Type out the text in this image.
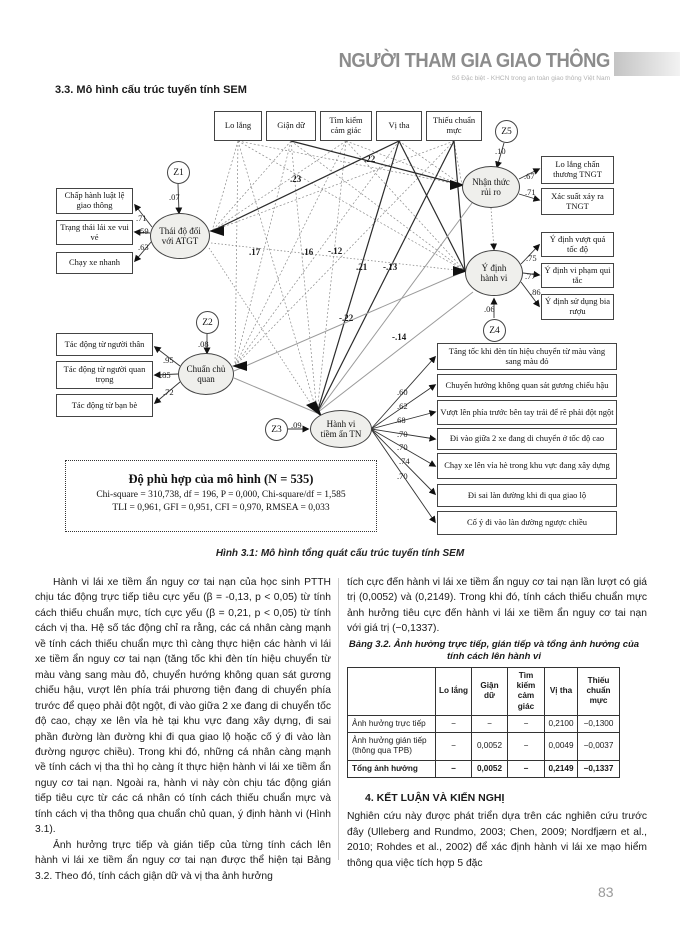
NGƯỜI THAM GIA GIAO THÔNG
Số Đặc biệt - KHCN trong an toàn giao thông Việt Nam
3.3. Mô hình cấu trúc tuyến tính SEM
Lo lắng	Giận dữ	Tìm kiếm cảm giác	Vị tha	Thiếu chuẩn mực
Z1
Z2
Z3
Z4
Z5
Thái độ đối với ATGT
Chuẩn chủ quan
Nhận thức rủi ro
Ý định hành vi
Hành vi tiềm ẩn TN
Chấp hành luật lệ giao thông
Trạng thái lái xe vui vẻ
Chạy xe nhanh
Tác động từ người thân
Tác động từ người quan trọng
Tác động từ bạn bè
Lo lắng chấn thương TNGT
Xác suất xảy ra TNGT
Ý định vượt quá tốc độ
Ý định vi phạm qui tắc
Ý định sử dụng bia rượu
Tăng tốc khi đèn tín hiệu chuyển từ màu vàng sang màu đỏ
Chuyển hướng không quan sát gương chiếu hậu
Vượt lên phía trước bên tay trái để rẽ phải đột ngột
Đi vào giữa 2 xe đang di chuyển ở tốc độ cao
Chạy xe lên vỉa hè trong khu vực đang xây dựng
Đi sai làn đường khi đi qua giao lộ
Cố ý đi vào làn đường ngược chiều
Độ phù hợp của mô hình (N = 535)
Chi-square = 310,738, df = 196, P = 0,000, Chi-square/df = 1,585
TLI = 0,961, GFI = 0,951, CFI = 0,970, RMSEA = 0,033
.71
.59
.63
.95
.85
.72
.67
.71
.75
.77
.86
.60
.62
.68
.70
.70
.74
.70
.07
.08
.09
.06
.10
.23
.22
.17	.16 -.12
.21 -.13
-.22
-.14
Hình 3.1: Mô hình tổng quát cấu trúc tuyến tính SEM

Hành vi lái xe tiềm ẩn nguy cơ tai nạn của học sinh PTTH chịu tác động trực tiếp tiêu cực yếu (β = -0,13, p < 0,05) từ tính cách thiếu chuẩn mực, tích cực yếu (β = 0,21, p < 0,05) từ tính cách vị tha. Hệ số tác động chỉ ra rằng, các cá nhân càng mạnh về tính cách thiếu chuẩn mực thì càng thực hiện các hành vi lái xe tiềm ẩn nguy cơ tai nạn (tăng tốc khi đèn tín hiệu chuyển từ màu vàng sang màu đỏ, chuyển hướng không quan sát gương chiếu hậu, vượt lên phía trái phương tiện đang di chuyển phía trước để quẹo phải đột ngột, đi vào giữa 2 xe đang di chuyển tốc độ cao, chạy xe lên vỉa hè tại khu vực đang xây dựng, đi sai phần đường làn đường khi đi qua giao lộ hoặc cố ý đi vào làn đường ngược chiều). Trong khi đó, những cá nhân càng mạnh về tính cách vị tha thì họ càng ít thực hiện hành vi lái xe tiềm ẩn nguy cơ tai nạn. Ngoài ra, hành vi này còn chịu tác động gián tiếp tiêu cực từ các cá nhân có tính cách thiếu chuẩn mực và tính cách vị tha thông qua chuẩn chủ quan, ý định hành vi (Hình 3.1).

Ảnh hưởng trực tiếp và gián tiếp của từng tính cách lên hành vi lái xe tiềm ẩn nguy cơ tai nạn được thể hiện tại Bảng 3.2. Theo đó, tính cách giận dữ và vị tha ảnh hưởng

tích cực đến hành vi lái xe tiềm ẩn nguy cơ tai nạn lần lượt có giá trị (0,0052) và (0,2149). Trong khi đó, tính cách thiếu chuẩn mực ảnh hưởng tiêu cực đến hành vi lái xe tiềm ẩn nguy cơ tai nạn với giá trị (−0,1337).

Bảng 3.2. Ảnh hưởng trực tiếp, gián tiếp và tổng ảnh hưởng của tính cách lên hành vi
	Lo lắng	Giận dữ	Tìm kiếm cảm giác	Vị tha	Thiếu chuẩn mực
Ảnh hưởng trực tiếp	−	−	−	0,2100	−0,1300
Ảnh hưởng gián tiếp (thông qua TPB)	−	0,0052	−	0,0049	−0,0037
Tổng ảnh hưởng	−	0,0052	−	0,2149	−0,1337
4. KẾT LUẬN VÀ KIẾN NGHỊ

Nghiên cứu này được phát triển dựa trên các nghiên cứu trước đây (Ulleberg and Rundmo, 2003; Chen, 2009; Nordfjærn et al., 2010; Rohdes et al., 2002) để xác định hành vi lái xe mạo hiểm thông qua việc tích hợp 5 đặc

83
